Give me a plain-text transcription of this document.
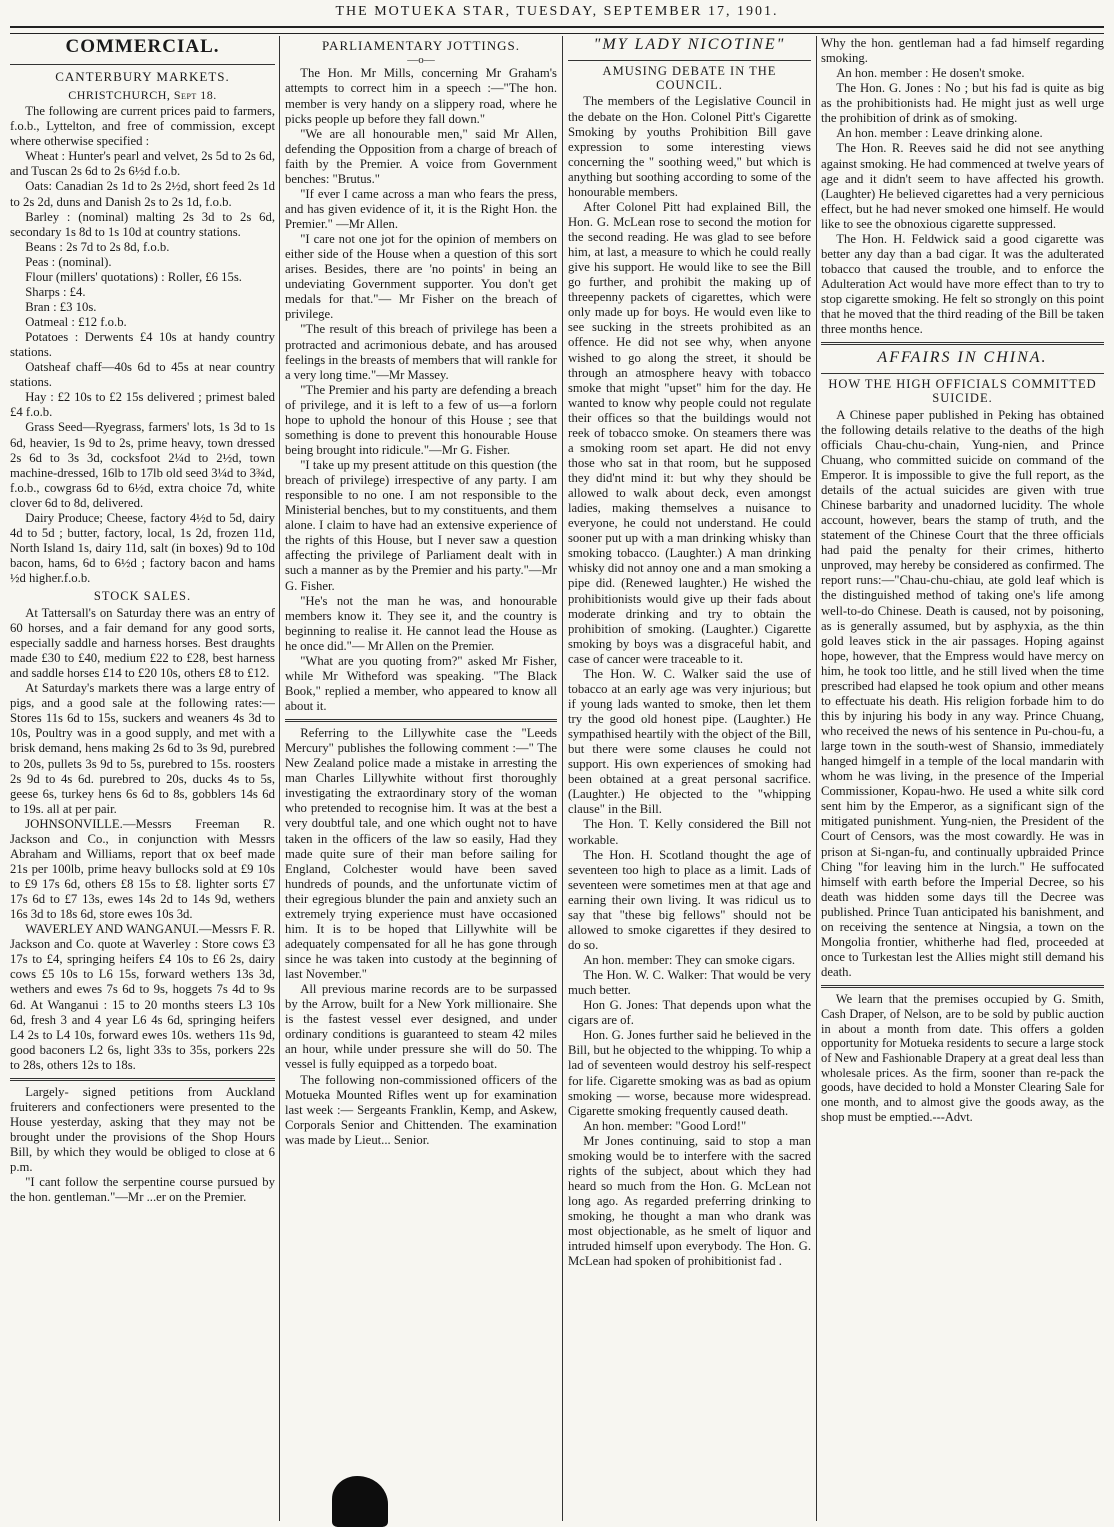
THE MOTUEKA STAR, TUESDAY, SEPTEMBER 17, 1901.
COMMERCIAL.
CANTERBURY MARKETS.
CHRISTCHURCH, Sept 18.

The following are current prices paid to farmers, f.o.b., Lyttelton, and free of commission, except where otherwise specified :

Wheat : Hunter's pearl and velvet, 2s 5d to 2s 6d, and Tuscan 2s 6d to 2s 6½d f.o.b.

Oats: Canadian 2s 1d to 2s 2½d, short feed 2s 1d to 2s 2d, duns and Danish 2s to 2s 1d, f.o.b.

Barley : (nominal) malting 2s 3d to 2s 6d, secondary 1s 8d to 1s 10d at country stations.

Beans : 2s 7d to 2s 8d, f.o.b.

Peas : (nominal).

Flour (millers' quotations) : Roller, £6 15s.

Sharps : £4.

Bran : £3 10s.

Oatmeal : £12 f.o.b.

Potatoes : Derwents £4 10s at handy country stations.

Oatsheaf chaff—40s 6d to 45s at near country stations.

Hay : £2 10s to £2 15s delivered ; primest baled £4 f.o.b.

Grass Seed—Ryegrass, farmers' lots, 1s 3d to 1s 6d, heavier, 1s 9d to 2s, prime heavy, town dressed 2s 6d to 3s 3d, cocksfoot 2¼d to 2½d, town machine-dressed, 16lb to 17lb old seed 3¼d to 3¾d, f.o.b., cowgrass 6d to 6½d, extra choice 7d, white clover 6d to 8d, delivered.

Dairy Produce; Cheese, factory 4½d to 5d, dairy 4d to 5d ; butter, factory, local, 1s 2d, frozen 11d, North Island 1s, dairy 11d, salt (in boxes) 9d to 10d bacon, hams, 6d to 6½d ; factory bacon and hams ½d higher.f.o.b.

STOCK SALES.

At Tattersall's on Saturday there was an entry of 60 horses, and a fair demand for any good sorts, especially saddle and harness horses. Best draughts made £30 to £40, medium £22 to £28, best harness and saddle horses £14 to £20 10s, others £8 to £12.

At Saturday's markets there was a large entry of pigs, and a good sale at the following rates:— Stores 11s 6d to 15s, suckers and weaners 4s 3d to 10s, Poultry was in a good supply, and met with a brisk demand, hens making 2s 6d to 3s 9d, purebred to 20s, pullets 3s 9d to 5s, purebred to 15s. roosters 2s 9d to 4s 6d. purebred to 20s, ducks 4s to 5s, geese 6s, turkey hens 6s 6d to 8s, gobblers 14s 6d to 19s. all at per pair.

JOHNSONVILLE.—Messrs Freeman R. Jackson and Co., in conjunction with Messrs Abraham and Williams, report that ox beef made 21s per 100lb, prime heavy bullocks sold at £9 10s to £9 17s 6d, others £8 15s to £8. lighter sorts £7 17s 6d to £7 13s, ewes 14s 2d to 14s 9d, wethers 16s 3d to 18s 6d, store ewes 10s 3d.

WAVERLEY AND WANGANUI.—Messrs F. R. Jackson and Co. quote at Waverley : Store cows £3 17s to £4, springing heifers £4 10s to £6 2s, dairy cows £5 10s to L6 15s, forward wethers 13s 3d, wethers and ewes 7s 6d to 9s, hoggets 7s 4d to 9s 6d. At Wanganui : 15 to 20 months steers L3 10s 6d, fresh 3 and 4 year L6 4s 6d, springing heifers L4 2s to L4 10s, forward ewes 10s. wethers 11s 9d, good baconers L2 6s, light 33s to 35s, porkers 22s to 28s, others 12s to 18s.

Largely- signed petitions from Auckland fruiterers and confectioners were presented to the House yesterday, asking that they may not be brought under the provisions of the Shop Hours Bill, by which they would be obliged to close at 6 p.m.

"I cant follow the serpentine course pursued by the hon. gentleman."—Mr ...er on the Premier.

PARLIAMENTARY JOTTINGS.
—o—

The Hon. Mr Mills, concerning Mr Graham's attempts to correct him in a speech :—"The hon. member is very handy on a slippery road, where he picks people up before they fall down."

"We are all honourable men," said Mr Allen, defending the Opposition from a charge of breach of faith by the Premier. A voice from Government benches: "Brutus."

"If ever I came across a man who fears the press, and has given evidence of it, it is the Right Hon. the Premier." —Mr Allen.

"I care not one jot for the opinion of members on either side of the House when a question of this sort arises. Besides, there are 'no points' in being an undeviating Government supporter. You don't get medals for that."— Mr Fisher on the breach of privilege.

"The result of this breach of privilege has been a protracted and acrimonious debate, and has aroused feelings in the breasts of members that will rankle for a very long time."—Mr Massey.

"The Premier and his party are defending a breach of privilege, and it is left to a few of us—a forlorn hope to uphold the honour of this House ; see that something is done to prevent this honourable House being brought into ridicule."—Mr G. Fisher.

"I take up my present attitude on this question (the breach of privilege) irrespective of any party. I am responsible to no one. I am not responsible to the Ministerial benches, but to my constituents, and them alone. I claim to have had an extensive experience of the rights of this House, but I never saw a question affecting the privilege of Parliament dealt with in such a manner as by the Premier and his party."—Mr G. Fisher.

"He's not the man he was, and honourable members know it. They see it, and the country is beginning to realise it. He cannot lead the House as he once did."— Mr Allen on the Premier.

"What are you quoting from?" asked Mr Fisher, while Mr Witheford was speaking. "The Black Book," replied a member, who appeared to know all about it.

Referring to the Lillywhite case the "Leeds Mercury" publishes the following comment :—" The New Zealand police made a mistake in arresting the man Charles Lillywhite without first thoroughly investigating the extraordinary story of the woman who pretended to recognise him. It was at the best a very doubtful tale, and one which ought not to have taken in the officers of the law so easily, Had they made quite sure of their man before sailing for England, Colchester would have been saved hundreds of pounds, and the unfortunate victim of their egregious blunder the pain and anxiety such an extremely trying experience must have occasioned him. It is to be hoped that Lillywhite will be adequately compensated for all he has gone through since he was taken into custody at the beginning of last November."

All previous marine records are to be surpassed by the Arrow, built for a New York millionaire. She is the fastest vessel ever designed, and under ordinary conditions is guaranteed to steam 42 miles an hour, while under pressure she will do 50. The vessel is fully equipped as a torpedo boat.

The following non-commissioned officers of the Motueka Mounted Rifles went up for examination last week :— Sergeants Franklin, Kemp, and Askew, Corporals Senior and Chittenden. The examination was made by Lieut... Senior.

"MY LADY NICOTINE"
AMUSING DEBATE IN THE COUNCIL.

The members of the Legislative Council in the debate on the Hon. Colonel Pitt's Cigarette Smoking by youths Prohibition Bill gave expression to some interesting views concerning the " soothing weed," but which is anything but soothing according to some of the honourable members.

After Colonel Pitt had explained Bill, the Hon. G. McLean rose to second the motion for the second reading. He was glad to see before him, at last, a measure to which he could really give his support. He would like to see the Bill go further, and prohibit the making up of threepenny packets of cigarettes, which were only made up for boys. He would even like to see sucking in the streets prohibited as an offence. He did not see why, when anyone wished to go along the street, it should be through an atmosphere heavy with tobacco smoke that might "upset" him for the day. He wanted to know why people could not regulate their offices so that the buildings would not reek of tobacco smoke. On steamers there was a smoking room set apart. He did not envy those who sat in that room, but he supposed they did'nt mind it: but why they should be allowed to walk about deck, even amongst ladies, making themselves a nuisance to everyone, he could not understand. He could sooner put up with a man drinking whisky than smoking tobacco. (Laughter.) A man drinking whisky did not annoy one and a man smoking a pipe did. (Renewed laughter.) He wished the prohibitionists would give up their fads about moderate drinking and try to obtain the prohibition of smoking. (Laughter.) Cigarette smoking by boys was a disgraceful habit, and case of cancer were traceable to it.

The Hon. W. C. Walker said the use of tobacco at an early age was very injurious; but if young lads wanted to smoke, then let them try the good old honest pipe. (Laughter.) He sympathised heartily with the object of the Bill, but there were some clauses he could not support. His own experiences of smoking had been obtained at a great personal sacrifice. (Laughter.) He objected to the "whipping clause" in the Bill.

The Hon. T. Kelly considered the Bill not workable.

The Hon. H. Scotland thought the age of seventeen too high to place as a limit. Lads of seventeen were sometimes men at that age and earning their own living. It was ridicul us to say that "these big fellows" should not be allowed to smoke cigarettes if they desired to do so.

An hon. member: They can smoke cigars.

The Hon. W. C. Walker: That would be very much better.

Hon G. Jones: That depends upon what the cigars are of.

Hon. G. Jones further said he believed in the Bill, but he objected to the whipping. To whip a lad of seventeen would destroy his self-respect for life. Cigarette smoking was as bad as opium smoking — worse, because more widespread. Cigarette smoking frequently caused death.

An hon. member: "Good Lord!"

Mr Jones continuing, said to stop a man smoking would be to interfere with the sacred rights of the subject, about which they had heard so much from the Hon. G. McLean not long ago. As regarded preferring drinking to smoking, he thought a man who drank was most objectionable, as he smelt of liquor and intruded himself upon everybody. The Hon. G. McLean had spoken of prohibitionist fad .

Why the hon. gentleman had a fad himself regarding smoking.

An hon. member : He dosen't smoke.

The Hon. G. Jones : No ; but his fad is quite as big as the prohibitionists had. He might just as well urge the prohibition of drink as of smoking.

An hon. member : Leave drinking alone.

The Hon. R. Reeves said he did not see anything against smoking. He had commenced at twelve years of age and it didn't seem to have affected his growth. (Laughter) He believed cigarettes had a very pernicious effect, but he had never smoked one himself. He would like to see the obnoxious cigarette suppressed.

The Hon. H. Feldwick said a good cigarette was better any day than a bad cigar. It was the adulterated tobacco that caused the trouble, and to enforce the Adulteration Act would have more effect than to try to stop cigarette smoking. He felt so strongly on this point that he moved that the third reading of the Bill be taken three months hence.

AFFAIRS IN CHINA.
HOW THE HIGH OFFICIALS COMMITTED SUICIDE.

A Chinese paper published in Peking has obtained the following details relative to the deaths of the high officials Chau-chu-chain, Yung-nien, and Prince Chuang, who committed suicide on command of the Emperor. It is impossible to give the full report, as the details of the actual suicides are given with true Chinese barbarity and unadorned lucidity. The whole account, however, bears the stamp of truth, and the statement of the Chinese Court that the three officials had paid the penalty for their crimes, hitherto unproved, may hereby be considered as confirmed. The report runs:—"Chau-chu-chiau, ate gold leaf which is the distinguished method of taking one's life among well-to-do Chinese. Death is caused, not by poisoning, as is generally assumed, but by asphyxia, as the thin gold leaves stick in the air passages. Hoping against hope, however, that the Empress would have mercy on him, he took too little, and he still lived when the time prescribed had elapsed he took opium and other means to effectuate his death. His religion forbade him to do this by injuring his body in any way. Prince Chuang, who received the news of his sentence in Pu-chou-fu, a large town in the south-west of Shansio, immediately hanged himgelf in a temple of the local mandarin with whom he was living, in the presence of the Imperial Commissioner, Kopau-hwo. He used a white silk cord sent him by the Emperor, as a significant sign of the mitigated punishment. Yung-nien, the President of the Court of Censors, was the most cowardly. He was in prison at Si-ngan-fu, and continually upbraided Prince Ching "for leaving him in the lurch." He suffocated himself with earth before the Imperial Decree, so his death was hidden some days till the Decree was published. Prince Tuan anticipated his banishment, and on receiving the sentence at Ningsia, a town on the Mongolia frontier, whitherhe had fled, proceeded at once to Turkestan lest the Allies might still demand his death.

We learn that the premises occupied by G. Smith, Cash Draper, of Nelson, are to be sold by public auction in about a month from date. This offers a golden opportunity for Motueka residents to secure a large stock of New and Fashionable Drapery at a great deal less than wholesale prices. As the firm, sooner than re-pack the goods, have decided to hold a Monster Clearing Sale for one month, and to almost give the goods away, as the shop must be emptied.---Advt.
